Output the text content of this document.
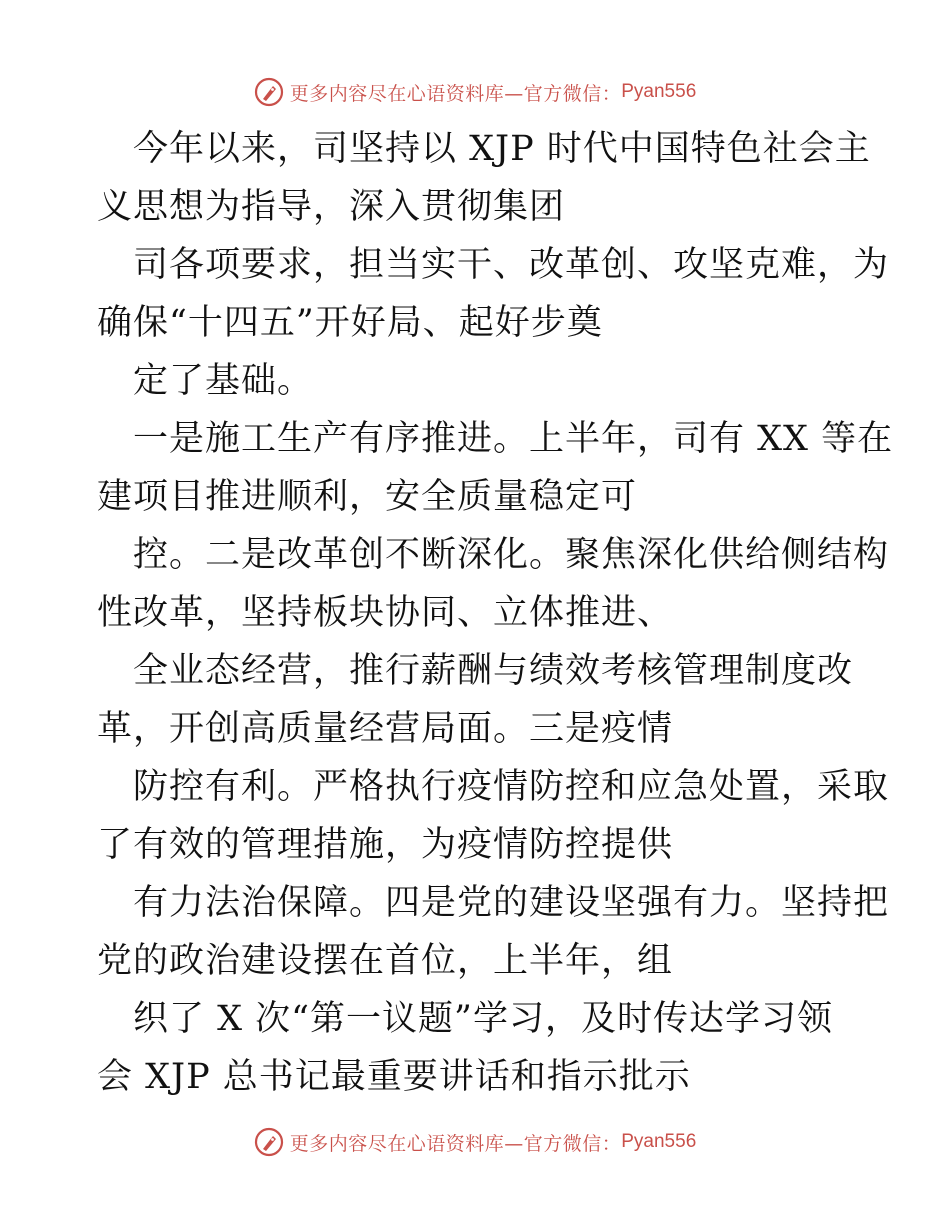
更多内容尽在心语资料库—官方微信： Pyan556
今年以来，司坚持以 XJP 时代中国特色社会主
义思想为指导，深入贯彻集团
司各项要求，担当实干、改革创、攻坚克难，为
确保“十四五”开好局、起好步奠
定了基础。
一是施工生产有序推进。上半年，司有 XX 等在
建项目推进顺利，安全质量稳定可
控。二是改革创不断深化。聚焦深化供给侧结构
性改革，坚持板块协同、立体推进、
全业态经营，推行薪酬与绩效考核管理制度改
革，开创高质量经营局面。三是疫情
防控有利。严格执行疫情防控和应急处置，采取
了有效的管理措施，为疫情防控提供
有力法治保障。四是党的建设坚强有力。坚持把
党的政治建设摆在首位，上半年，组
织了 X 次“第一议题”学习，及时传达学习领
会 XJP 总书记最重要讲话和指示批示
更多内容尽在心语资料库—官方微信： Pyan556
